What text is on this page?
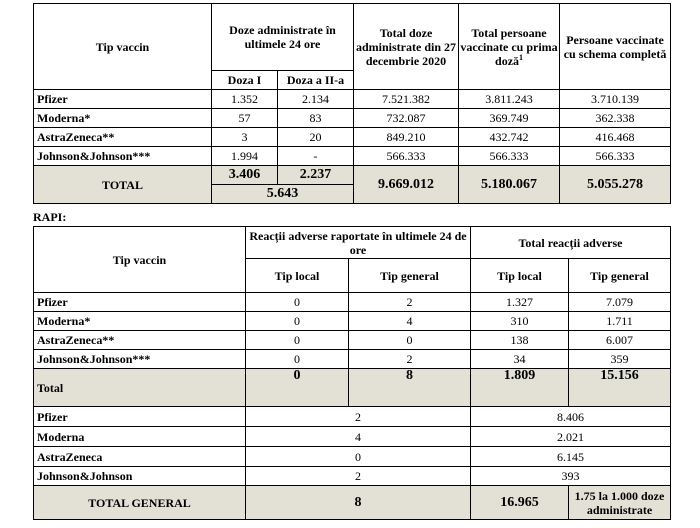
Tip vaccin	Doze administrate în ultimele 24 ore		Total doze administrate din 27 decembrie 2020	Total persoane vaccinate cu prima doză$^1$	Persoane vaccinate cu schema completă
	Doza I	Doza a II-a			
Pfizer	1.352	2.134	7.521.382	3.811.243	3.710.139
Moderna*	57	83	732.087	369.749	362.338
AstraZeneca**	3	20	849.210	432.742	416.468
Johnson&Johnson***	1.994	-	566.333	566.333	566.333
TOTAL	3.406	2.237	9.669.012	5.180.067	5.055.278
	5.643				
RAPI:
Tip vaccin	Reacții adverse raportate în ultimele 24 de ore		Total reacții adverse	
	Tip local	Tip general	Tip local	Tip general
Pfizer	0	2	1.327	7.079
Moderna*	0	4	310	1.711
AstraZeneca**	0	0	138	6.007
Johnson&Johnson***	0	2	34	359
Total	0	8	1.809	15.156
Pfizer	2		8.406	
Moderna	4		2.021	
AstraZeneca	0		6.145	
Johnson&Johnson	2		393	
TOTAL GENERAL	8		16.965	1.75 la 1.000 doze administrate
